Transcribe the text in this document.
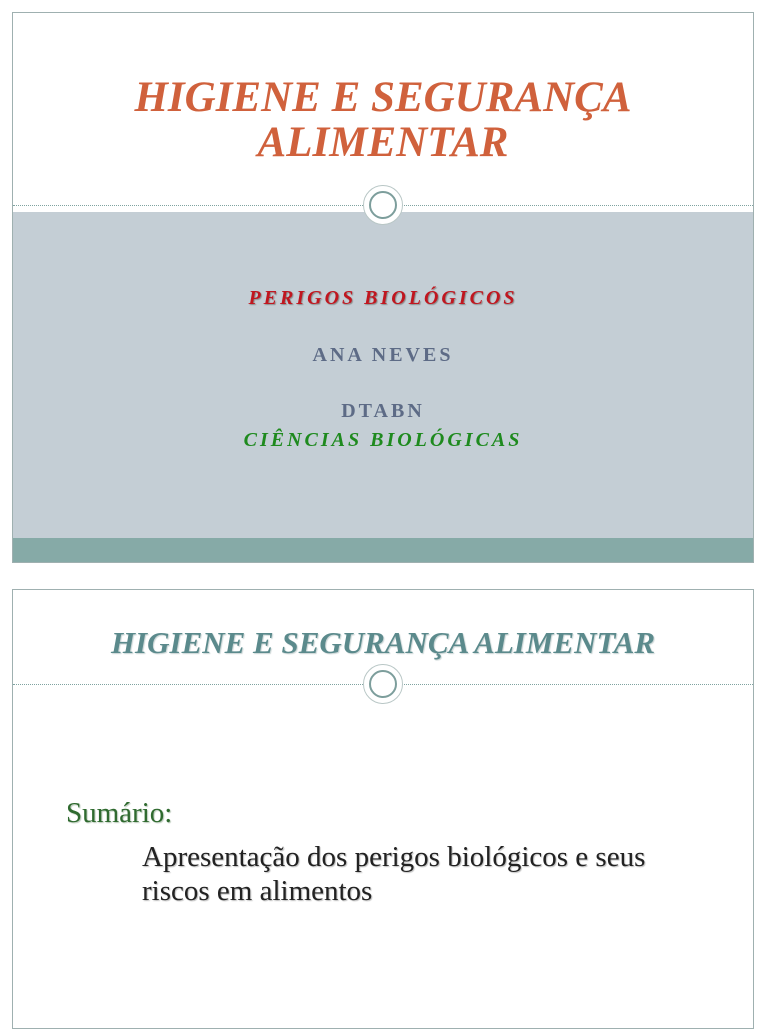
HIGIENE E SEGURANÇA
ALIMENTAR
PERIGOS BIOLÓGICOS
ANA NEVES
DTABN
CIÊNCIAS BIOLÓGICAS
HIGIENE E SEGURANÇA ALIMENTAR
Sumário:
Apresentação dos perigos biológicos e seus
riscos em alimentos
